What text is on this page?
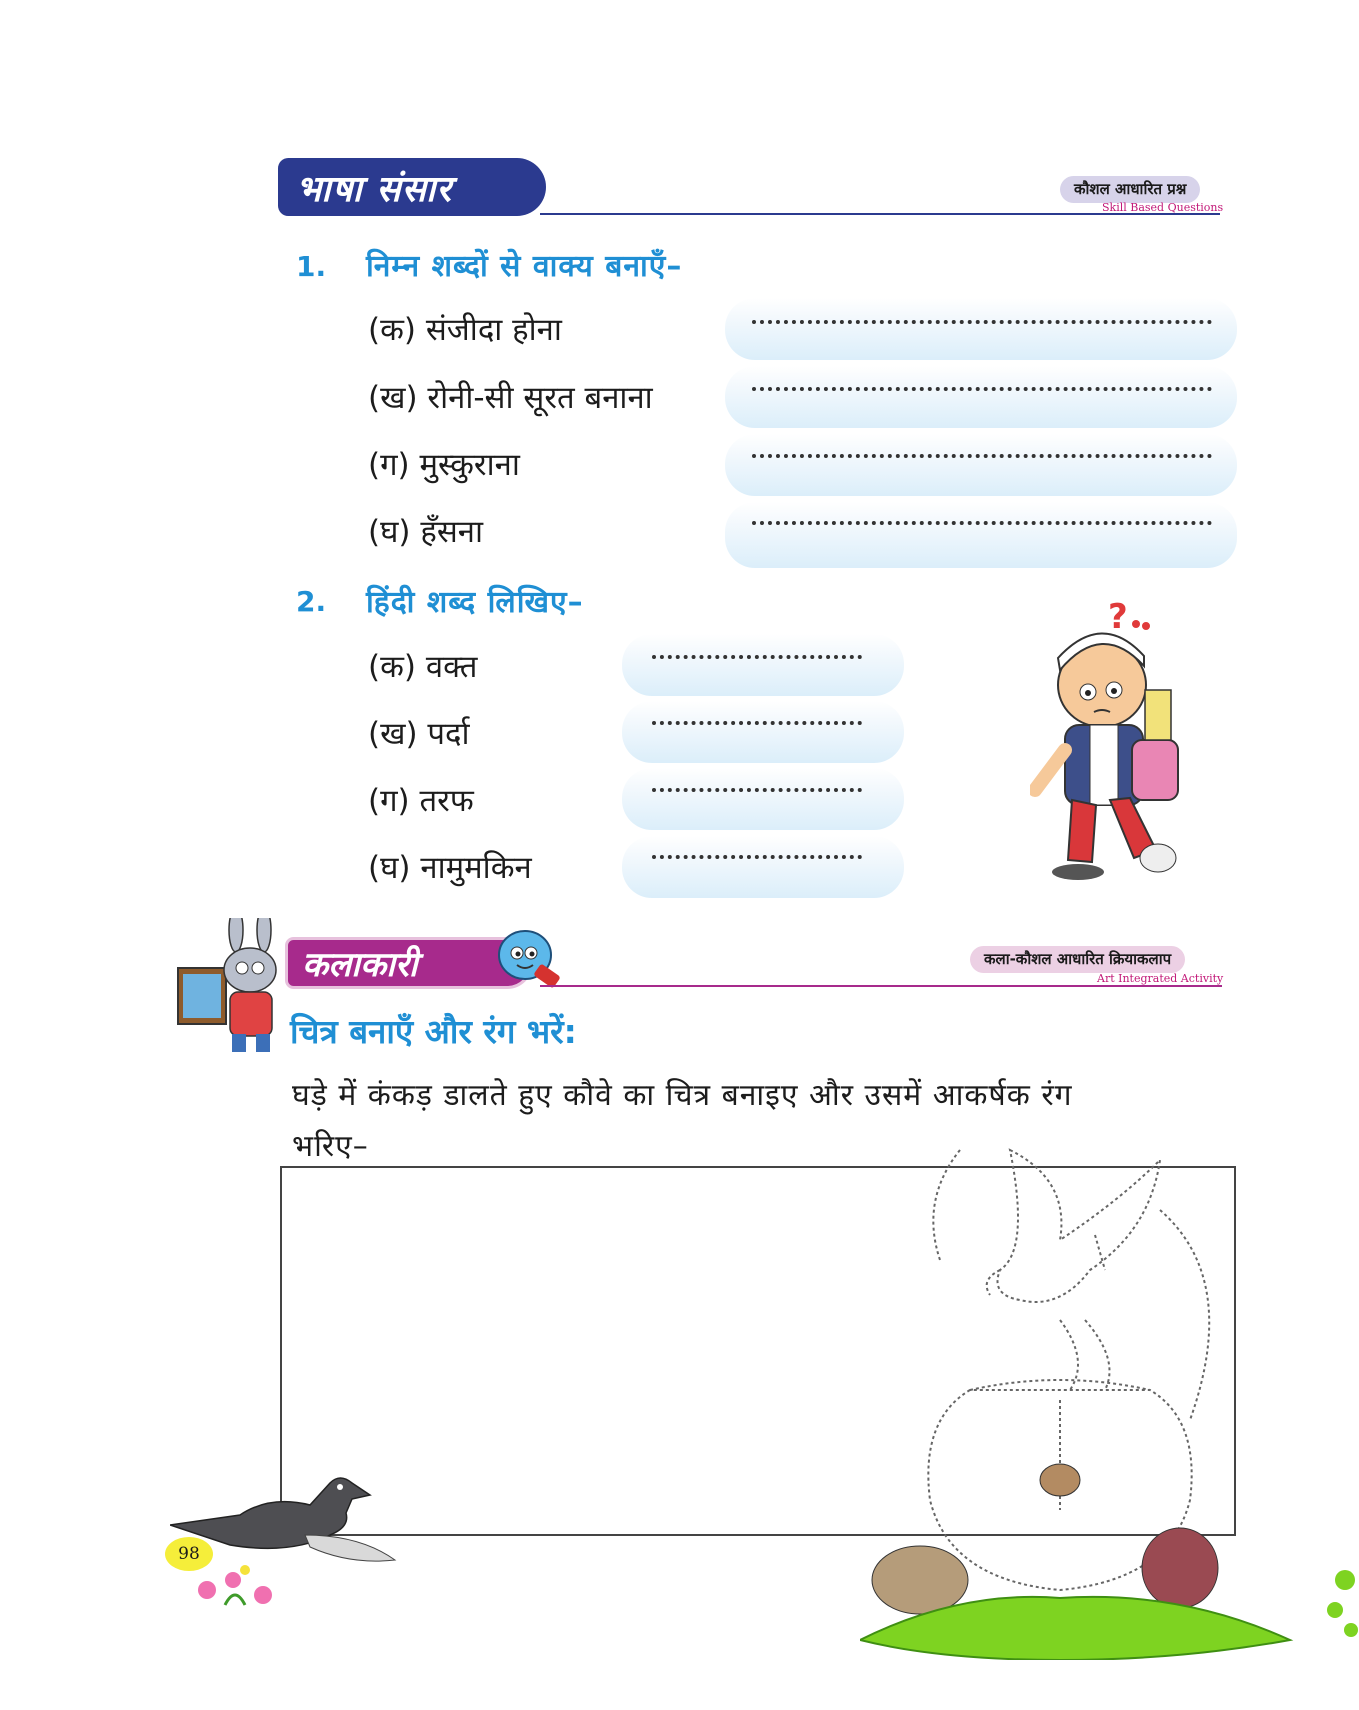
भाषा संसार	कौशल आधारित प्रश्न
Skill Based Questions
1. निम्न शब्दों से वाक्य बनाएँ–
(क) संजीदा होना
(ख) रोनी-सी सूरत बनाना
(ग) मुस्कुराना
(घ) हँसना
2. हिंदी शब्द लिखिए–
(क) वक्त
(ख) पर्दा
(ग) तरफ
(घ) नामुमकिन
?
कलाकारी	कला-कौशल आधारित क्रियाकलाप
Art Integrated Activity
चित्र बनाएँ और रंग भरें:
घड़े में कंकड़ डालते हुए कौवे का चित्र बनाइए और उसमें आकर्षक रंग
भरिए–
98
